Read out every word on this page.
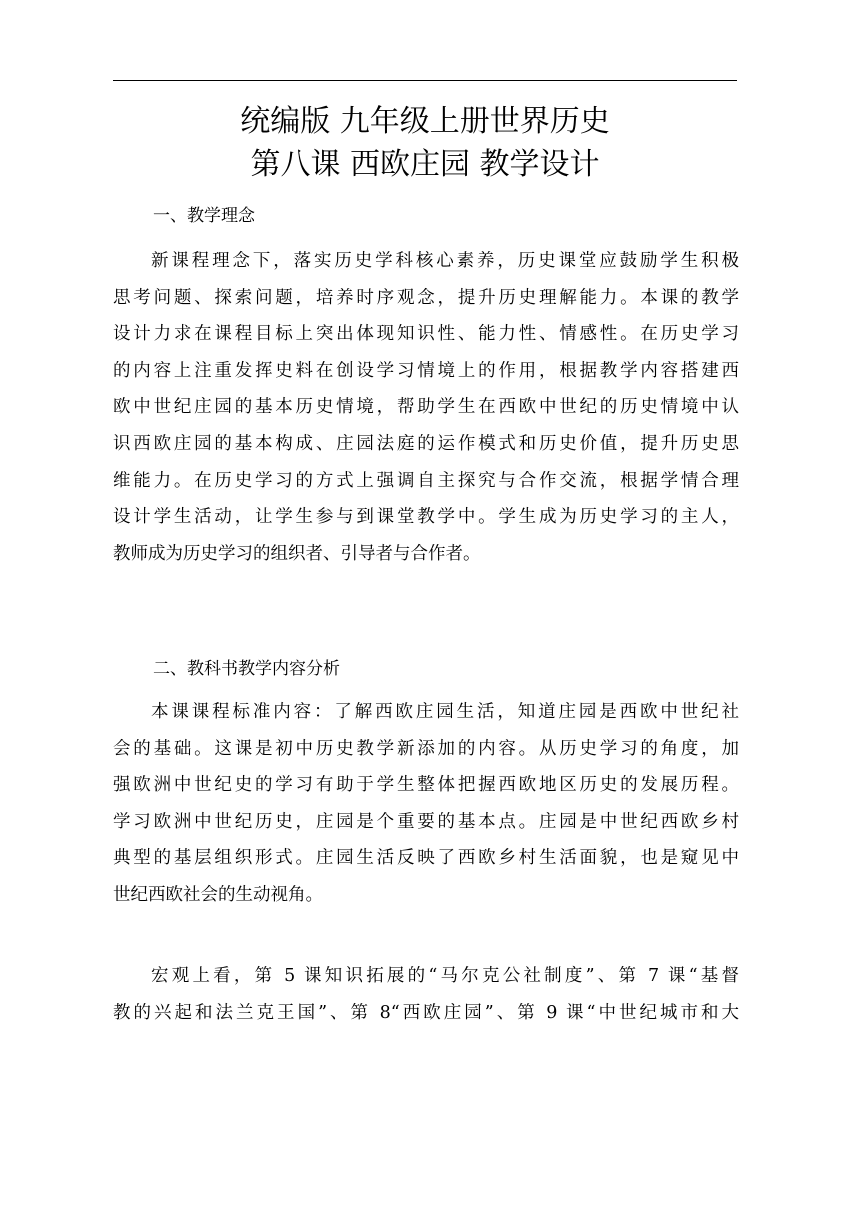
统编版 九年级上册世界历史
第八课 西欧庄园 教学设计
一、教学理念
新课程理念下，落实历史学科核心素养，历史课堂应鼓励学生积极
思考问题、探索问题，培养时序观念，提升历史理解能力。本课的教学
设计力求在课程目标上突出体现知识性、能力性、情感性。在历史学习
的内容上注重发挥史料在创设学习情境上的作用，根据教学内容搭建西
欧中世纪庄园的基本历史情境，帮助学生在西欧中世纪的历史情境中认
识西欧庄园的基本构成、庄园法庭的运作模式和历史价值，提升历史思
维能力。在历史学习的方式上强调自主探究与合作交流，根据学情合理
设计学生活动，让学生参与到课堂教学中。学生成为历史学习的主人，
教师成为历史学习的组织者、引导者与合作者。
二、教科书教学内容分析
本课课程标准内容：了解西欧庄园生活，知道庄园是西欧中世纪社
会的基础。这课是初中历史教学新添加的内容。从历史学习的角度，加
强欧洲中世纪史的学习有助于学生整体把握西欧地区历史的发展历程。
学习欧洲中世纪历史，庄园是个重要的基本点。庄园是中世纪西欧乡村
典型的基层组织形式。庄园生活反映了西欧乡村生活面貌，也是窥见中
世纪西欧社会的生动视角。
宏观上看，第 5 课知识拓展的“马尔克公社制度”、第 7 课“基督
教的兴起和法兰克王国”、第 8“西欧庄园”、第 9 课“中世纪城市和大
